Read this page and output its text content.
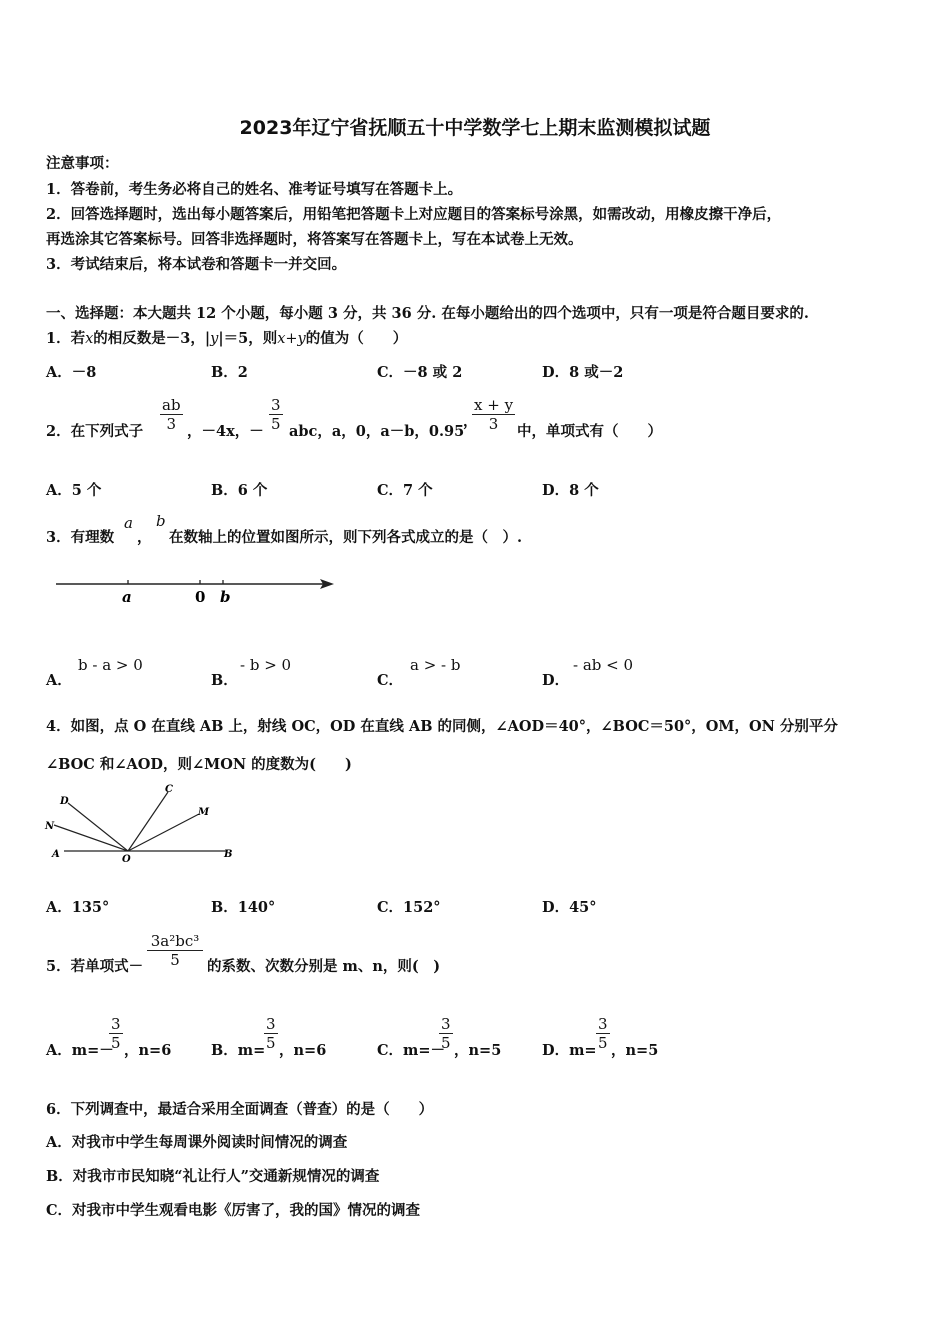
2023年辽宁省抚顺五十中学数学七上期末监测模拟试题
注意事项：
1．答卷前，考生务必将自己的姓名、准考证号填写在答题卡上。
2．回答选择题时，选出每小题答案后，用铅笔把答题卡上对应题目的答案标号涂黑，如需改动，用橡皮擦干净后，
再选涂其它答案标号。回答非选择题时，将答案写在答题卡上，写在本试卷上无效。
3．考试结束后，将本试卷和答题卡一并交回。
一、选择题：本大题共 12 个小题，每小题 3 分，共 36 分. 在每小题给出的四个选项中，只有一项是符合题目要求的.
1．若x的相反数是－3，|y|＝5，则x+y的值为（　　）
A．－8	B．2	C．－8 或 2	D．8 或－2
2．在下列式子 $\frac{ab}{3}$ ，－4x，－ $\frac{3}{5}$ abc，a，0，a－b，0.95
，
$\frac{x + y}{3}$ 中，单项式有（　　）
A．5 个	B．6 个	C．7 个	D．8 个
3．有理数
a
，
b
在数轴上的位置如图所示，则下列各式成立的是（　）.
a	0 b
A．
b - a > 0
B．
- b > 0
C．
a > - b
D．
- ab < 0
4．如图，点 O 在直线 AB 上，射线 OC，OD 在直线 AB 的同侧，∠AOD＝40°，∠BOC＝50°，OM，ON 分别平分
∠BOC 和∠AOD，则∠MON 的度数为(　　)
D
C
M
N
A	O	B
A．135°	B．140°	C．152°	D．45°
5．若单项式－ $\frac{\text{3a²bc³}}{5}$ 的系数、次数分别是 m、n，则(　)
A．m=－
$\frac{3}{5}$ ，n=6	B．m=
$\frac{3}{5}$ ，n=6	C．m=－
$\frac{3}{5}$ ，n=5	D．$m= \frac{3}{5}$ ，n=5
6．下列调查中，最适合采用全面调查（普查）的是（　　）
A．对我市中学生每周课外阅读时间情况的调查
B．对我市市民知晓“礼让行人”交通新规情况的调查
C．对我市中学生观看电影《厉害了，我的国》情况的调查
